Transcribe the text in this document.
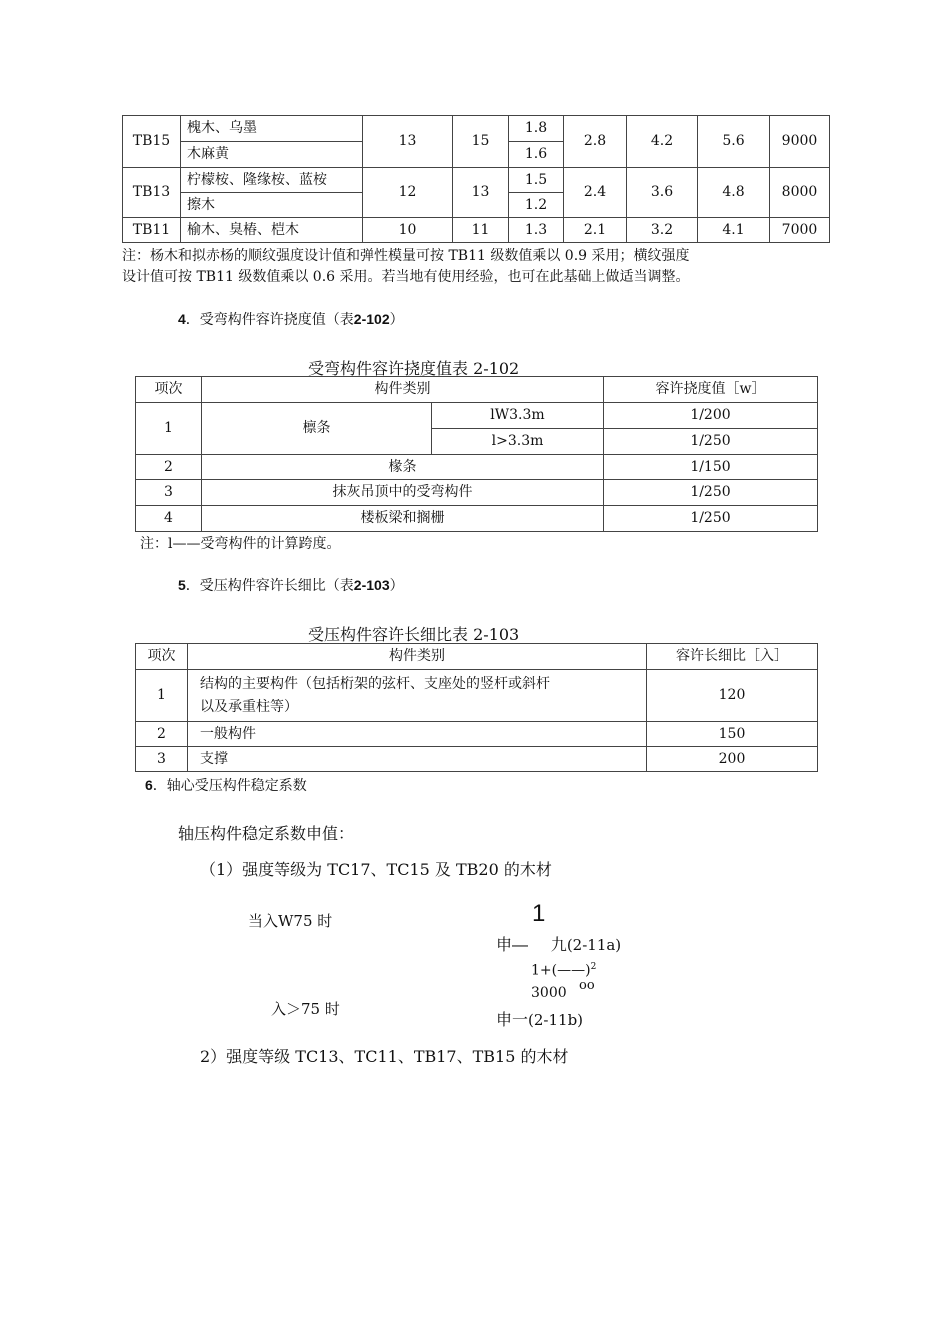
TB15	槐木、乌墨	13	15	1.8	2.8	4.2	5.6	9000
	木麻黄			1.6				
TB13	柠檬桉、隆缘桉、蓝桉	12	13	1.5	2.4	3.6	4.8	8000
	擦木			1.2				
TB11	榆木、臭椿、桤木	10	11	1.3	2.1	3.2	4.1	7000
注：杨木和拟赤杨的顺纹强度设计值和弹性模量可按 TB11 级数值乘以 0.9 采用；横纹强度
设计值可按 TB11 级数值乘以 0.6 采用。若当地有使用经验，也可在此基础上做适当调整。
4．受弯构件容许挠度值（表2-102）
受弯构件容许挠度值表 2-102
项次	构件类别		容许挠度值［w］
1	檩条	lW3.3m	1/200
		l>3.3m	1/250
2	椽条		1/150
3	抹灰吊顶中的受弯构件		1/250
4	楼板梁和搁栅		1/250
注：l——受弯构件的计算跨度。
5．受压构件容许长细比（表2-103）
受压构件容许长细比表 2-103
项次	构件类别	容许长细比［入］
1	结构的主要构件（包括桁架的弦杆、支座处的竖杆或斜杆
以及承重柱等）	120
2	一般构件	150
3	支撑	200
6．轴心受压构件稳定系数
轴压构件稳定系数申值：
（1）强度等级为 TC17、TC15 及 TB20 的木材
当入W75 时	1
申— 九(2-11a)
1+(——)$^2$
3000 oo
入＞75 时
申一(2-11b)
2）强度等级 TC13、TC11、TB17、TB15 的木材
